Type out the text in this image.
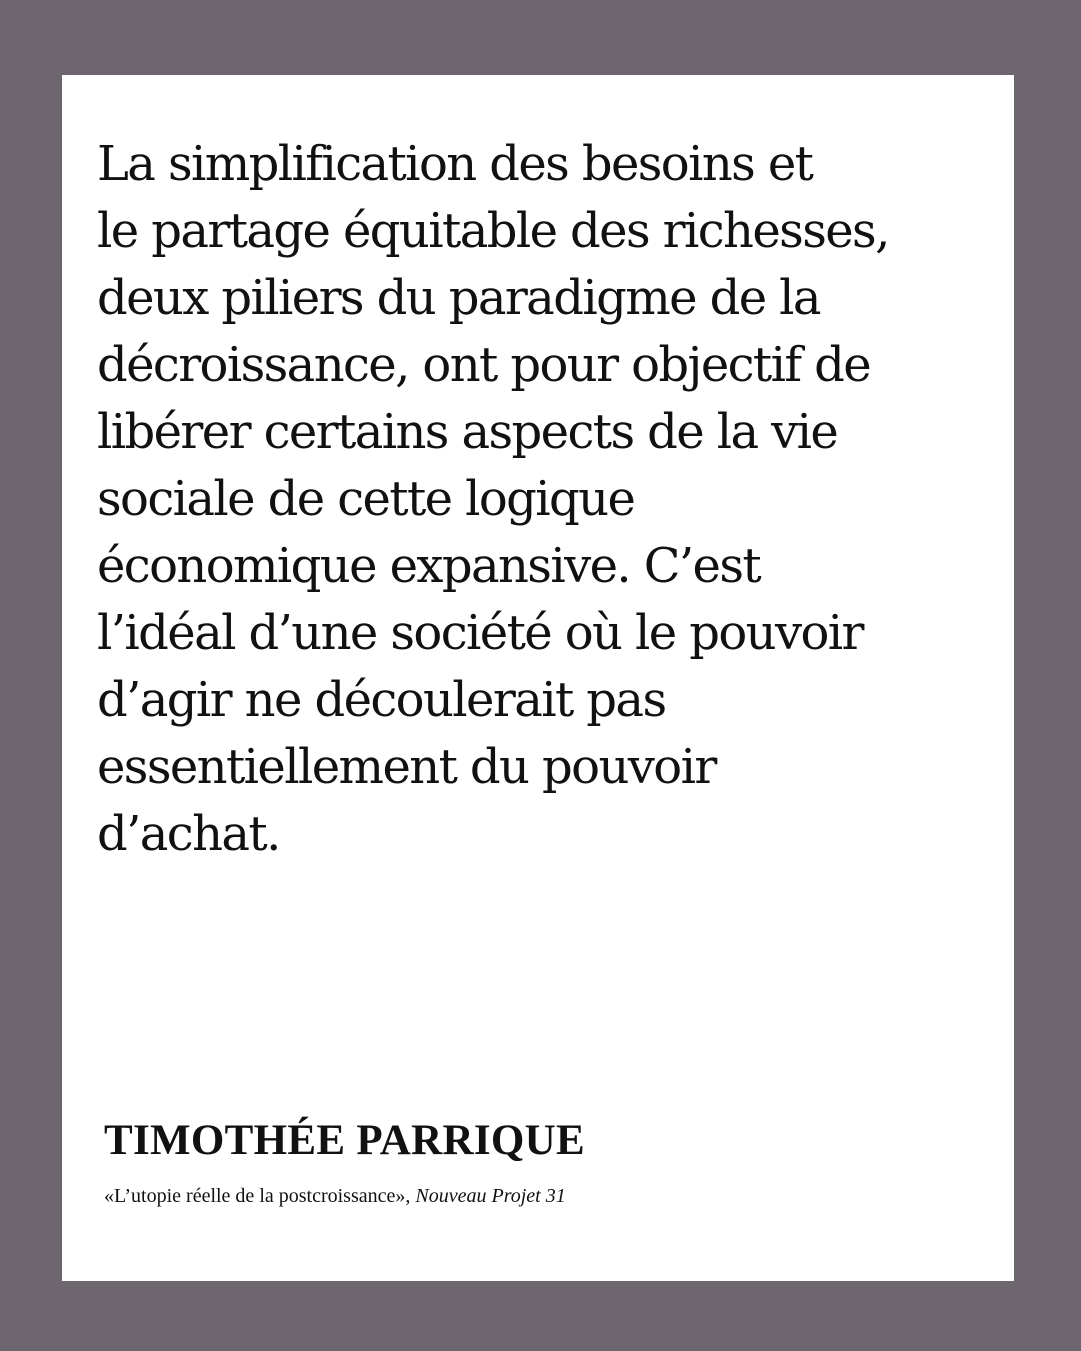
La simplification des besoins et
le partage équitable des richesses,
deux piliers du paradigme de la
décroissance, ont pour objectif de
libérer certains aspects de la vie
sociale de cette logique
économique expansive. C’est
l’idéal d’une société où le pouvoir
d’agir ne découlerait pas
essentiellement du pouvoir
d’achat.

TIMOTHÉE PARRIQUE

«L’utopie réelle de la postcroissance», Nouveau Projet 31
